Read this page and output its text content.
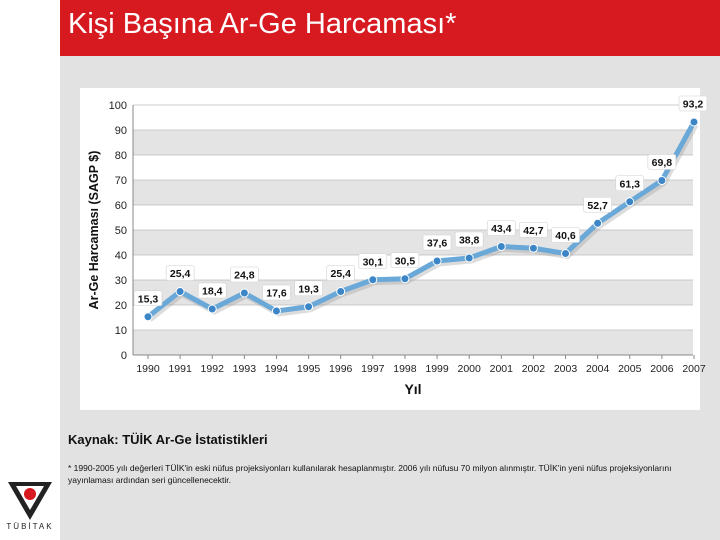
Kişi Başına Ar-Ge Harcaması*
0
10
20
30
40
50
60
70
80
90
100
1990 1991 1992 1993 1994 1995 1996 1997 1998 1999 2000 2001 2002 2003 2004 2005 2006 2007
15,3
25,4
18,4
24,8
17,6 19,3
25,4
30,1 30,5
37,6 38,8
43,4 42,7 40,6
52,7
61,3
69,8
93,2
Ar-Ge Harcaması (SAGP $)
Yıl
Kaynak: TÜİK Ar-Ge İstatistikleri
* 1990-2005 yılı değerleri TÜİK'in eski nüfus projeksiyonları kullanılarak hesaplanmıştır. 2006 yılı nüfusu 70 milyon alınmıştır. TÜİK'in yeni nüfus projeksiyonlarını yayınlaması ardından seri güncellenecektir.
TÜBİTAK
